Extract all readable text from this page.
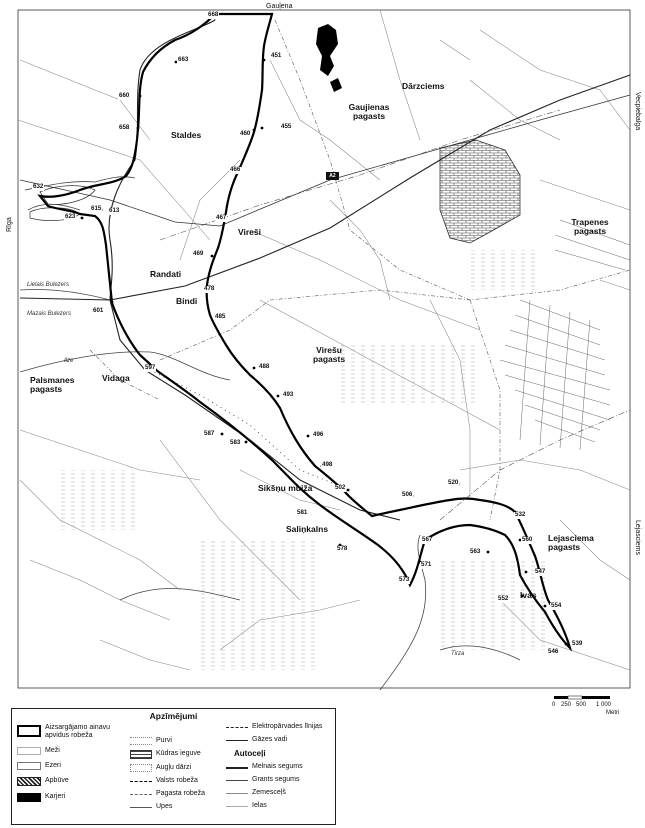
Gauļena
Rīga
Vecpiebalga
Lejasciems
Dārzciems
Staldes
Vireši
Randati
Bindi
Vidaga
Sikšņu muiža
Saliņkalns
Ivas
Gaujienas pagasts
Trapenes pagasts
Virešu pagasts
Palsmanes pagasts
Lejasciema pagasts
Lielais Bulezers
Mazais Bulezers
Tirza
Ilze
A2
668
663
660
658
632
623
615 613
601
597
587
583
581
578
573
571
567
563
560
552
554
539
546
547
532
520
506
502
498
496
493
488
485
478
469
467
466
460
455
451
0 250 500 1 000
Metri
Apzīmējumi
Aizsargājamo ainavu apvidus robeža
Meži
Ezeri
Apbūve
Karjeri
Purvi
Kūdras ieguve
Augļu dārzi
Valsts robeža
Pagasta robeža
Upes
Elektropārvades līnijas
Gāzes vadi
Autoceļi
Melnais segums
Grants segums
Zemesceļš
Ielas
